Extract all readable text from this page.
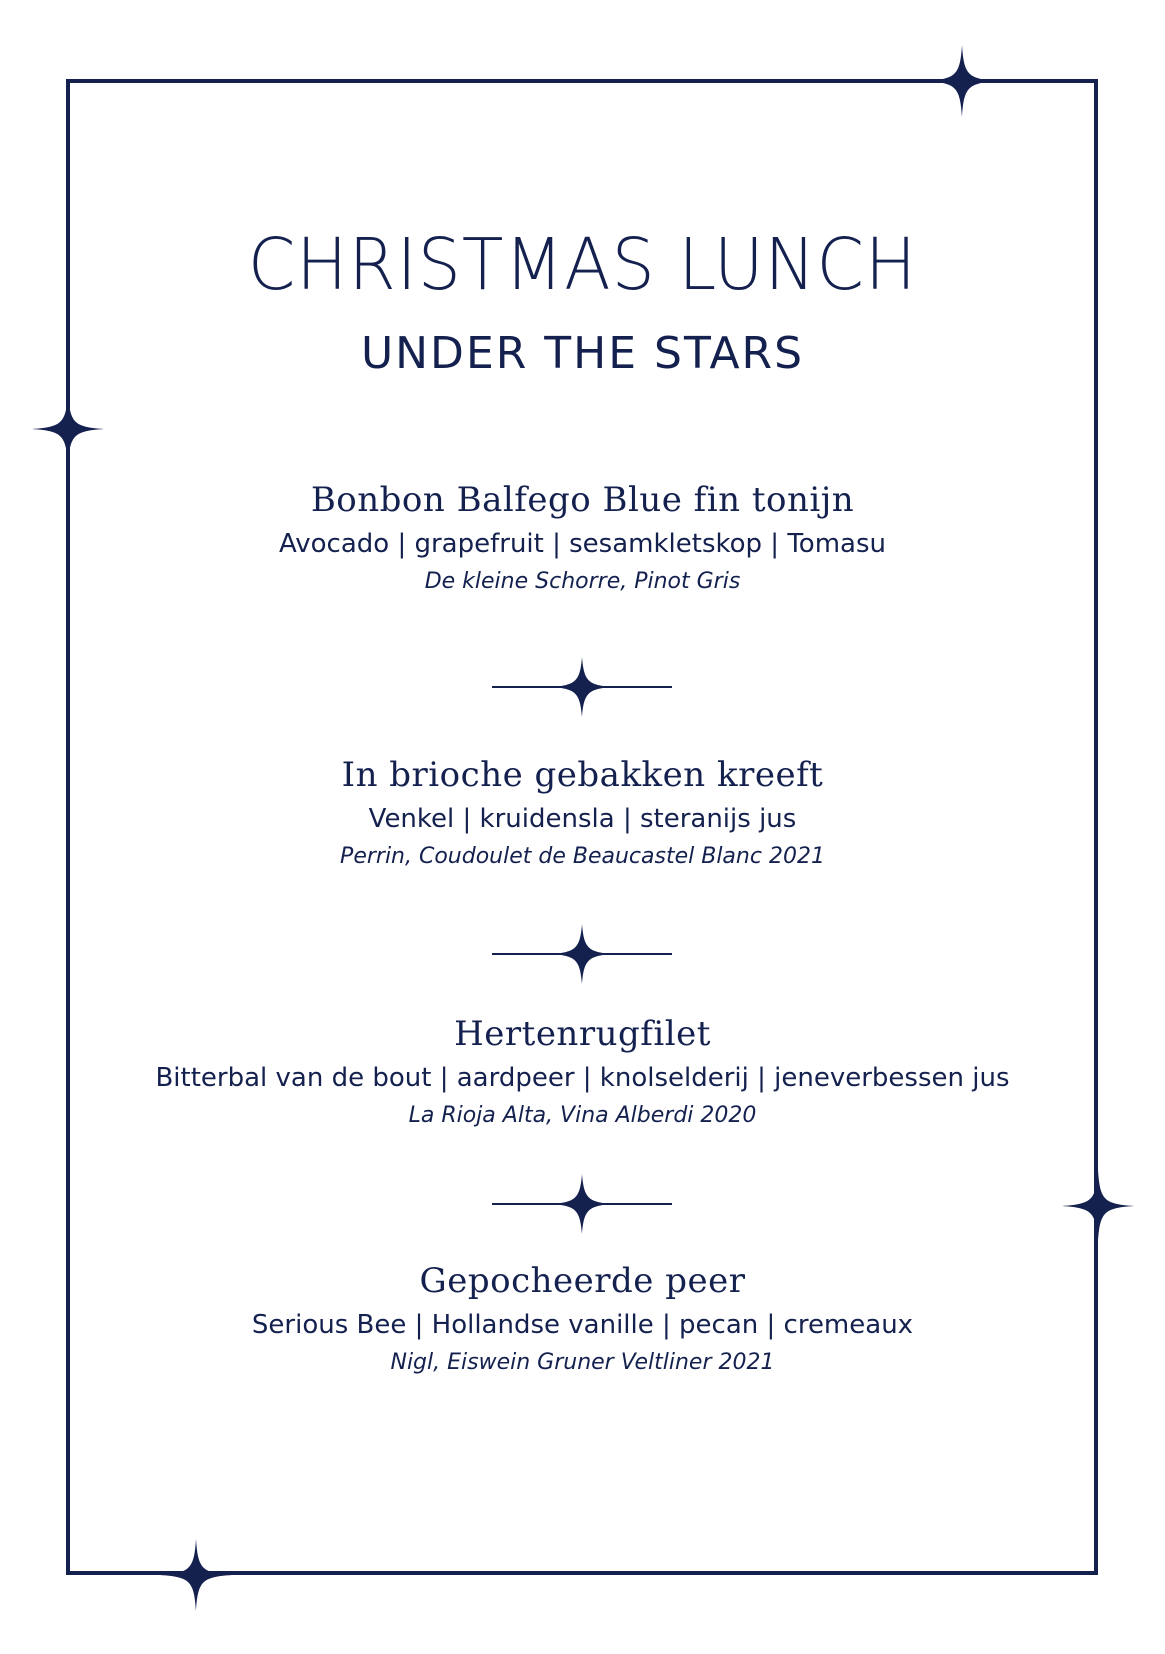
CHRISTMAS LUNCH
UNDER THE STARS
Bonbon Balfego Blue fin tonijn
Avocado | grapefruit | sesamkletskop | Tomasu
De kleine Schorre, Pinot Gris
In brioche gebakken kreeft
Venkel | kruidensla | steranijs jus
Perrin, Coudoulet de Beaucastel Blanc 2021
Hertenrugfilet
Bitterbal van de bout | aardpeer | knolselderij | jeneverbessen jus
La Rioja Alta, Vina Alberdi 2020
Gepocheerde peer
Serious Bee | Hollandse vanille | pecan | cremeaux
Nigl, Eiswein Gruner Veltliner 2021
